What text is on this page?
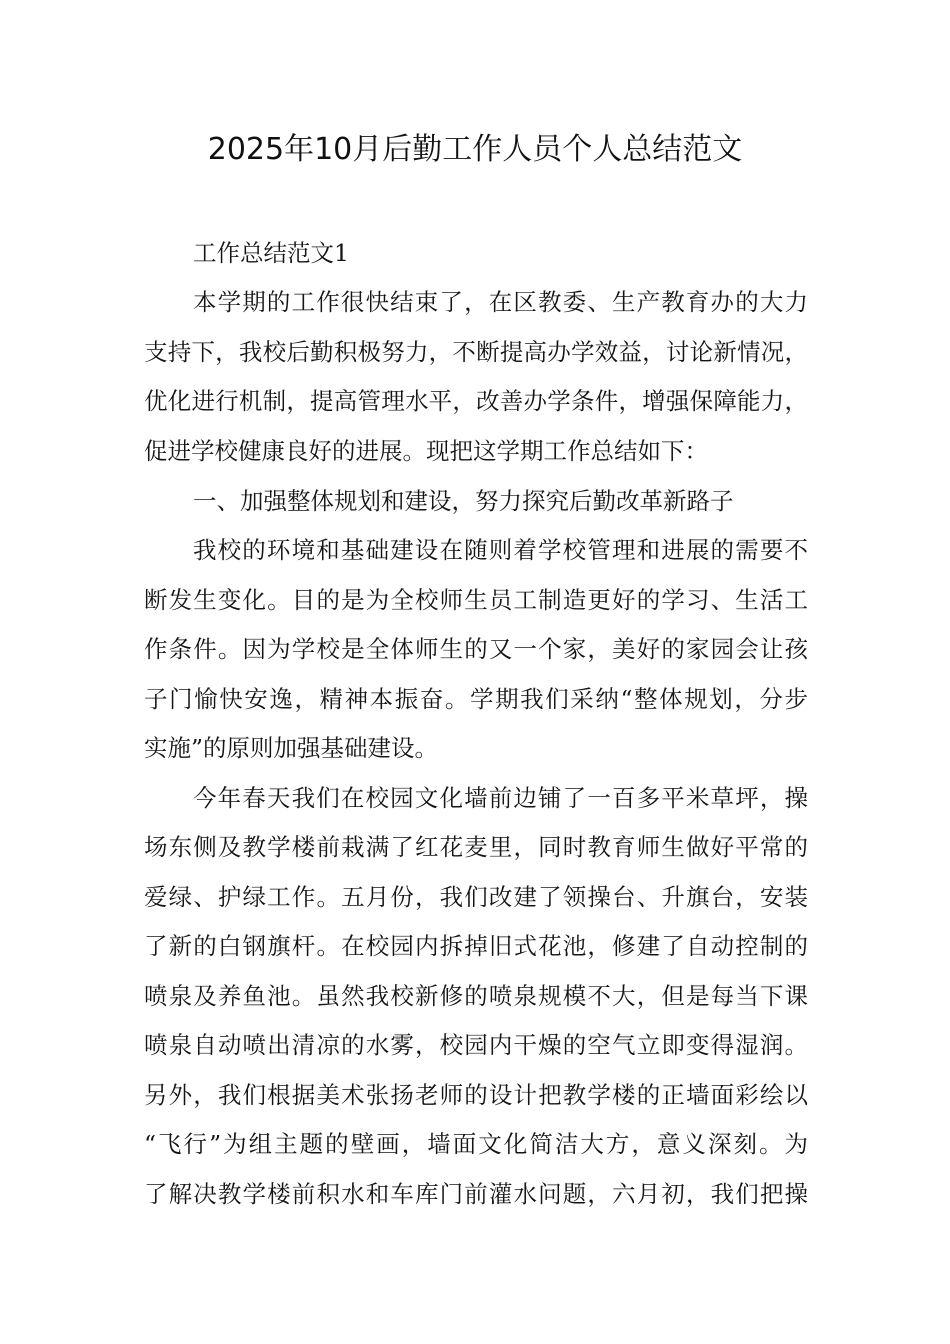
2025年10月后勤工作人员个人总结范文
工作总结范文1
本学期的工作很快结束了，在区教委、生产教育办的大力
支持下，我校后勤积极努力，不断提高办学效益，讨论新情况，
优化进行机制，提高管理水平，改善办学条件，增强保障能力，
促进学校健康良好的进展。现把这学期工作总结如下：
一、加强整体规划和建设，努力探究后勤改革新路子
我校的环境和基础建设在随则着学校管理和进展的需要不
断发生变化。目的是为全校师生员工制造更好的学习、生活工
作条件。因为学校是全体师生的又一个家，美好的家园会让孩
子门愉快安逸，精神本振奋。学期我们采纳“整体规划，分步
实施”的原则加强基础建设。
今年春天我们在校园文化墙前边铺了一百多平米草坪，操
场东侧及教学楼前栽满了红花麦里，同时教育师生做好平常的
爱绿、护绿工作。五月份，我们改建了领操台、升旗台，安装
了新的白钢旗杆。在校园内拆掉旧式花池，修建了自动控制的
喷泉及养鱼池。虽然我校新修的喷泉规模不大，但是每当下课
喷泉自动喷出清凉的水雾，校园内干燥的空气立即变得湿润。
另外，我们根据美术张扬老师的设计把教学楼的正墙面彩绘以
“飞行”为组主题的壁画，墙面文化简洁大方，意义深刻。为
了解决教学楼前积水和车库门前灌水问题，六月初，我们把操
